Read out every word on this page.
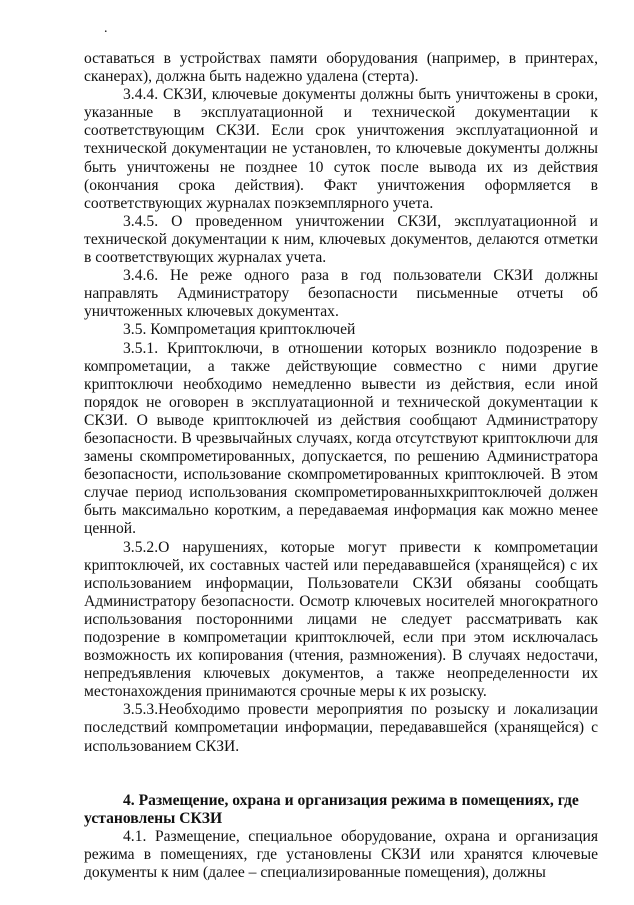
.

оставаться в устройствах памяти оборудования (например, в принтерах, сканерах), должна быть надежно удалена (стерта).

3.4.4. СКЗИ, ключевые документы должны быть уничтожены в сроки, указанные в эксплуатационной и технической документации к соответствующим СКЗИ. Если срок уничтожения эксплуатационной и технической документации не установлен, то ключевые документы должны быть уничтожены не позднее 10 суток после вывода их из действия (окончания срока действия). Факт уничтожения оформляется в соответствующих журналах поэкземплярного учета.

3.4.5. О проведенном уничтожении СКЗИ, эксплуатационной и технической документации к ним, ключевых документов, делаются отметки в соответствующих журналах учета.

3.4.6. Не реже одного раза в год пользователи СКЗИ должны направлять Администратору безопасности письменные отчеты об уничтоженных ключевых документах.

3.5. Компрометация криптоключей

3.5.1. Криптоключи, в отношении которых возникло подозрение в компрометации, а также действующие совместно с ними другие криптоключи необходимо немедленно вывести из действия, если иной порядок не оговорен в эксплуатационной и технической документации к СКЗИ. О выводе криптоключей из действия сообщают Администратору безопасности. В чрезвычайных случаях, когда отсутствуют криптоключи для замены скомпрометированных, допускается, по решению Администратора безопасности, использование скомпрометированных криптоключей. В этом случае период использования скомпрометированныхкриптоключей должен быть максимально коротким, а передаваемая информация как можно менее ценной.

3.5.2.О нарушениях, которые могут привести к компрометации криптоключей, их составных частей или передававшейся (хранящейся) с их использованием информации, Пользователи СКЗИ обязаны сообщать Администратору безопасности. Осмотр ключевых носителей многократного использования посторонними лицами не следует рассматривать как подозрение в компрометации криптоключей, если при этом исключалась возможность их копирования (чтения, размножения). В случаях недостачи, непредъявления ключевых документов, а также неопределенности их местонахождения принимаются срочные меры к их розыску.

3.5.3.Необходимо провести мероприятия по розыску и локализации последствий компрометации информации, передававшейся (хранящейся) с использованием СКЗИ.

4. Размещение, охрана и организация режима в помещениях, где установлены СКЗИ

4.1. Размещение, специальное оборудование, охрана и организация режима в помещениях, где установлены СКЗИ или хранятся ключевые документы к ним (далее – специализированные помещения), должны
